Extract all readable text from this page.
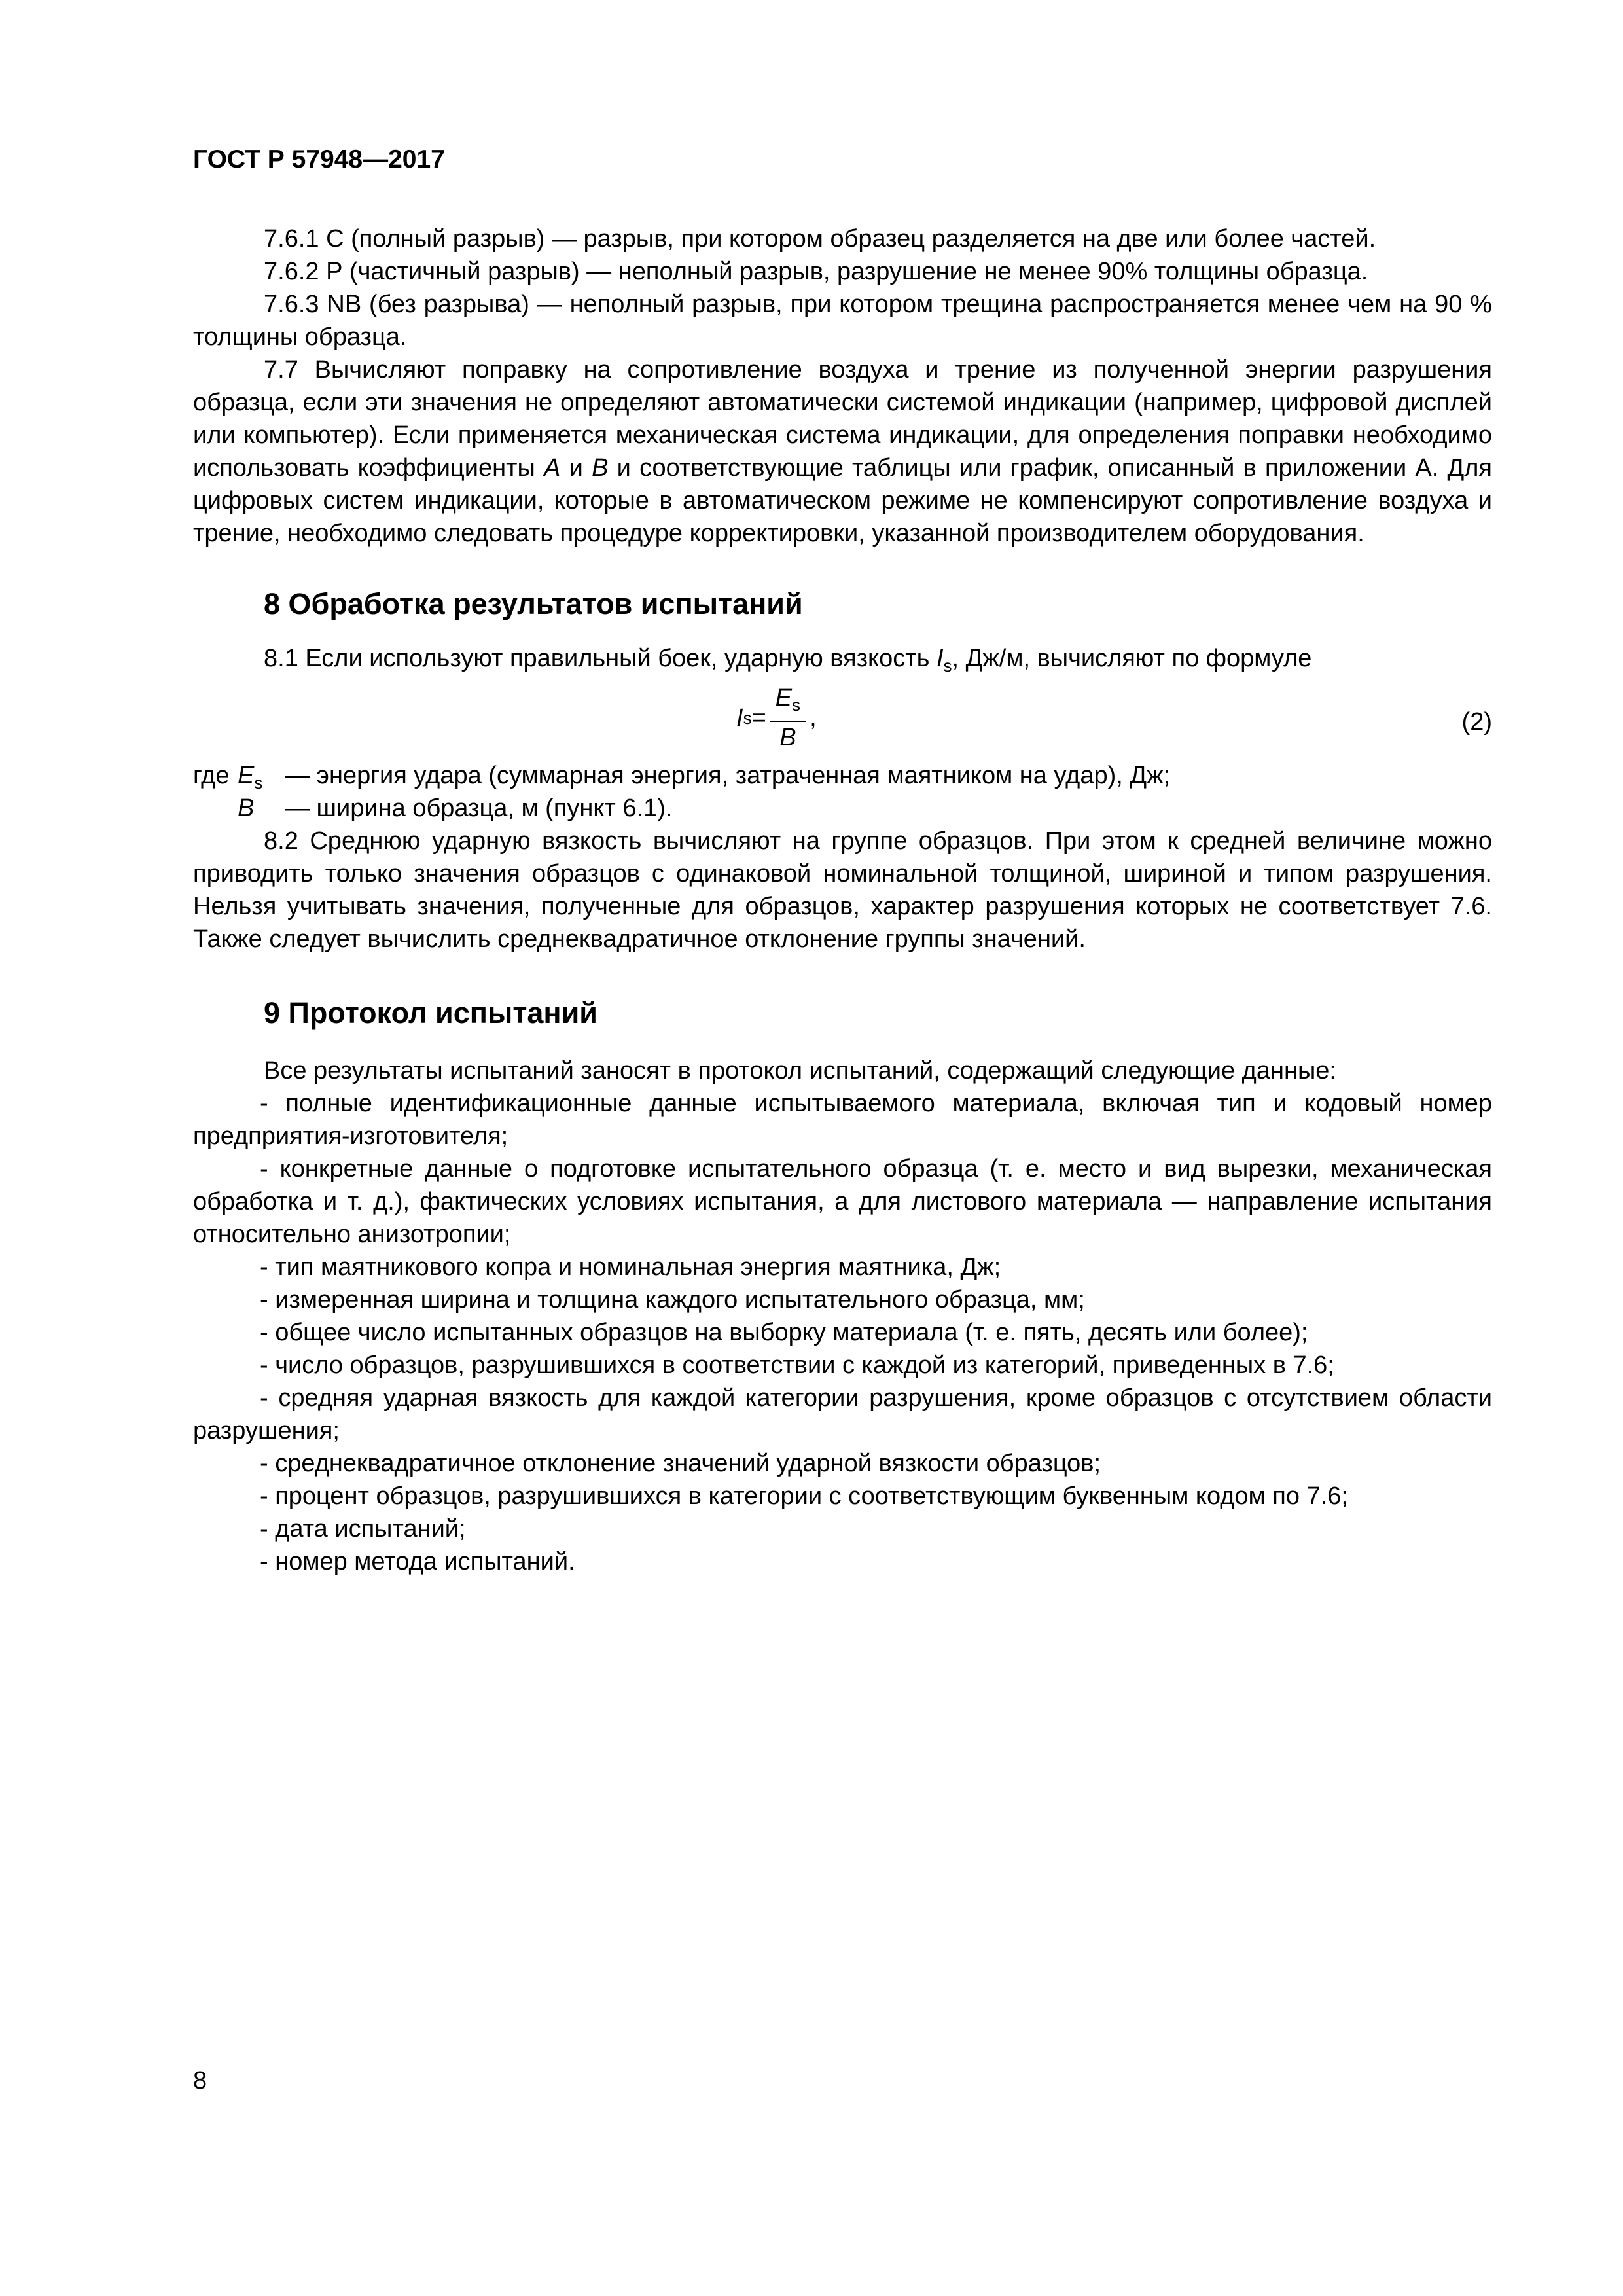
ГОСТ Р 57948—2017

7.6.1 С (полный разрыв) — разрыв, при котором образец разделяется на две или более частей.

7.6.2 Р (частичный разрыв) — неполный разрыв, разрушение не менее 90% толщины образца.

7.6.3 NB (без разрыва) — неполный разрыв, при котором трещина распространяется менее чем на 90 % толщины образца.

7.7 Вычисляют поправку на сопротивление воздуха и трение из полученной энергии разрушения образца, если эти значения не определяют автоматически системой индикации (например, цифровой дисплей или компьютер). Если применяется механическая система индикации, для определения поправки необходимо использовать коэффициенты А и В и соответствующие таблицы или график, описанный в приложении А. Для цифровых систем индикации, которые в автоматическом режиме не компенсируют сопротивление воздуха и трение, необходимо следовать процедуре корректировки, указанной производителем оборудования.

8 Обработка результатов испытаний

8.1 Если используют правильный боек, ударную вязкость $I_s$, Дж/м, вычисляют по формуле

I $s = \frac{E_s}{B}$ ,	(2)
где $E_s$ — энергия удара (суммарная энергия, затраченная маятником на удар), Дж;
B — ширина образца, м (пункт 6.1).

8.2 Среднюю ударную вязкость вычисляют на группе образцов. При этом к средней величине можно приводить только значения образцов с одинаковой номинальной толщиной, шириной и типом разрушения. Нельзя учитывать значения, полученные для образцов, характер разрушения которых не соответствует 7.6. Также следует вычислить среднеквадратичное отклонение группы значений.

9 Протокол испытаний

Все результаты испытаний заносят в протокол испытаний, содержащий следующие данные:

- полные идентификационные данные испытываемого материала, включая тип и кодовый номер предприятия-изготовителя;

- конкретные данные о подготовке испытательного образца (т. е. место и вид вырезки, механическая обработка и т. д.), фактических условиях испытания, а для листового материала — направление испытания относительно анизотропии;

- тип маятникового копра и номинальная энергия маятника, Дж;

- измеренная ширина и толщина каждого испытательного образца, мм;

- общее число испытанных образцов на выборку материала (т. е. пять, десять или более);

- число образцов, разрушившихся в соответствии с каждой из категорий, приведенных в 7.6;

- средняя ударная вязкость для каждой категории разрушения, кроме образцов с отсутствием области разрушения;

- среднеквадратичное отклонение значений ударной вязкости образцов;

- процент образцов, разрушившихся в категории с соответствующим буквенным кодом по 7.6;

- дата испытаний;

- номер метода испытаний.

8
